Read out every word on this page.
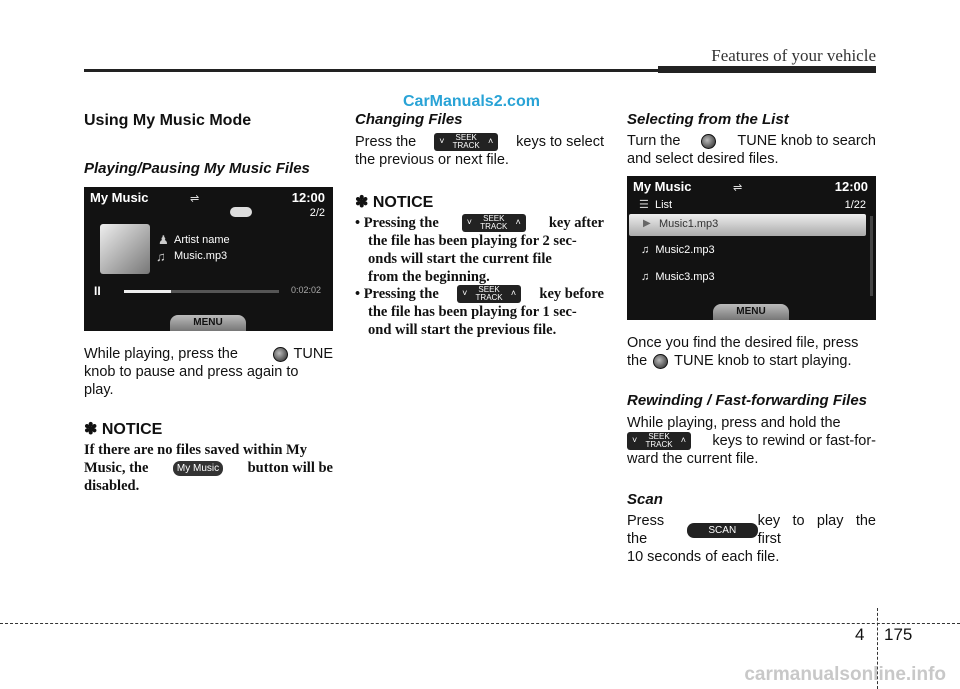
Features of your vehicle
CarManuals2.com
Using My Music Mode
Playing/Pausing My Music Files
My Music	⇌	12:00
2/2
♟ Artist name
♫ Music.mp3
II	0:02:02
MENU
While playing, press the	TUNE
knob to pause and press again to
play.
✽ NOTICE
If there are no files saved within My
Music, the	My Music button will be
disabled.
Changing Files
Press the	˅	˄
SEEK
TRACK	keys to select
the previous or next file.
✽ NOTICE
• Pressing the	˅	˄
SEEK
TRACK	key after
the file has been playing for 2 sec-
onds will start the current file
from the beginning.
• Pressing the	˅	˄
SEEK
TRACK	key before
the file has been playing for 1 sec-
ond will start the previous file.
Selecting from the List
Turn the	TUNE knob to search
and select desired files.
My Music	⇌	12:00
☰ List	1/22
▶ Music1.mp3
♫ Music2.mp3
♫ Music3.mp3
MENU
Once you find the desired file, press
the TUNE knob to start playing.
Rewinding / Fast-forwarding Files
While playing, press and hold the
˅	˄
SEEK
TRACK	keys to rewind or fast-for-
ward the current file.
Scan
Press the
SCAN
key to play the first
10 seconds of each file.
4 175
carmanualsonline.info
